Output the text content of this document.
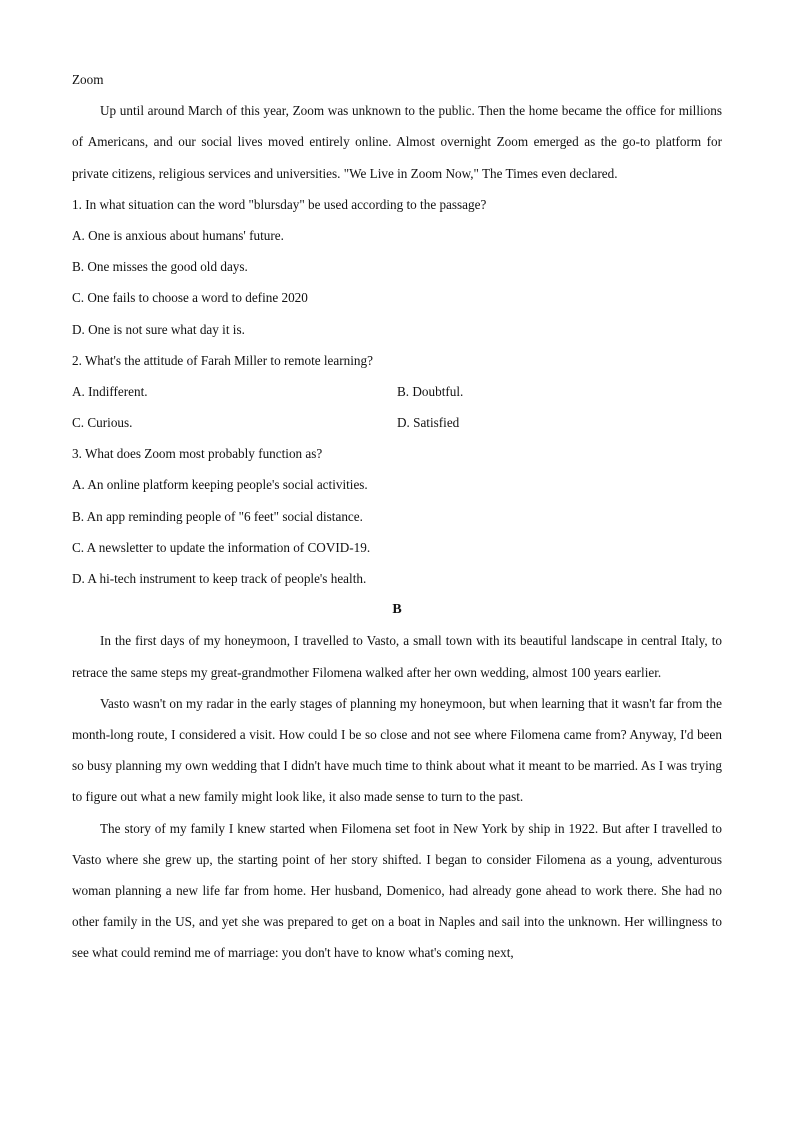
Zoom

Up until around March of this year, Zoom was unknown to the public. Then the home became the office for millions of Americans, and our social lives moved entirely online. Almost overnight Zoom emerged as the go-to platform for private citizens, religious services and universities. "We Live in Zoom Now," The Times even declared.

1. In what situation can the word "blursday" be used according to the passage?

A. One is anxious about humans' future.

B. One misses the good old days.

C. One fails to choose a word to define 2020

D. One is not sure what day it is.

2. What's the attitude of Farah Miller to remote learning?

A. Indifferent.	B. Doubtful.
C. Curious.	D. Satisfied

3. What does Zoom most probably function as?

A. An online platform keeping people's social activities.

B. An app reminding people of "6 feet" social distance.

C. A newsletter to update the information of COVID-19.

D. A hi-tech instrument to keep track of people's health.

B

In the first days of my honeymoon, I travelled to Vasto, a small town with its beautiful landscape in central Italy, to retrace the same steps my great-grandmother Filomena walked after her own wedding, almost 100 years earlier.

Vasto wasn't on my radar in the early stages of planning my honeymoon, but when learning that it wasn't far from the month-long route, I considered a visit. How could I be so close and not see where Filomena came from? Anyway, I'd been so busy planning my own wedding that I didn't have much time to think about what it meant to be married. As I was trying to figure out what a new family might look like, it also made sense to turn to the past.

The story of my family I knew started when Filomena set foot in New York by ship in 1922. But after I travelled to Vasto where she grew up, the starting point of her story shifted. I began to consider Filomena as a young, adventurous woman planning a new life far from home. Her husband, Domenico, had already gone ahead to work there. She had no other family in the US, and yet she was prepared to get on a boat in Naples and sail into the unknown. Her willingness to see what could remind me of marriage: you don't have to know what's coming next,
